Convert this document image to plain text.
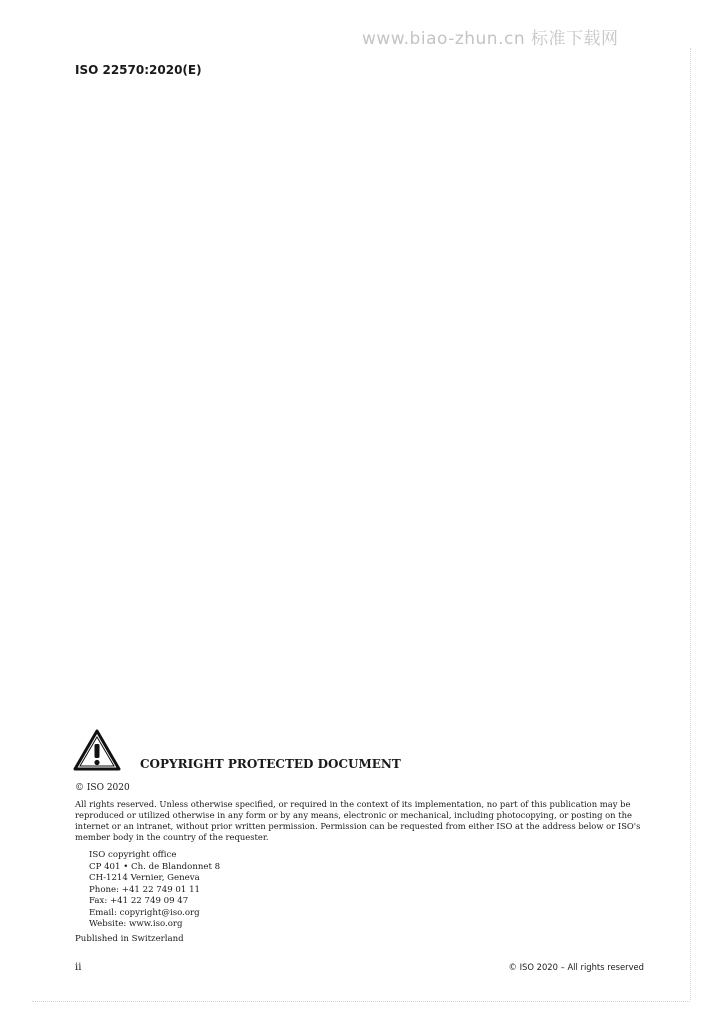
www.biao-zhun.cn 标准下载网
ISO 22570:2020(E)
COPYRIGHT PROTECTED DOCUMENT
© ISO 2020

All rights reserved. Unless otherwise specified, or required in the context of its implementation, no part of this publication may be reproduced or utilized otherwise in any form or by any means, electronic or mechanical, including photocopying, or posting on the internet or an intranet, without prior written permission. Permission can be requested from either ISO at the address below or ISO's member body in the country of the requester.

ISO copyright office
CP 401 • Ch. de Blandonnet 8
CH-1214 Vernier, Geneva
Phone: +41 22 749 01 11
Fax: +41 22 749 09 47
Email: copyright@iso.org
Website: www.iso.org
Published in Switzerland
ii	© ISO 2020 – All rights reserved
